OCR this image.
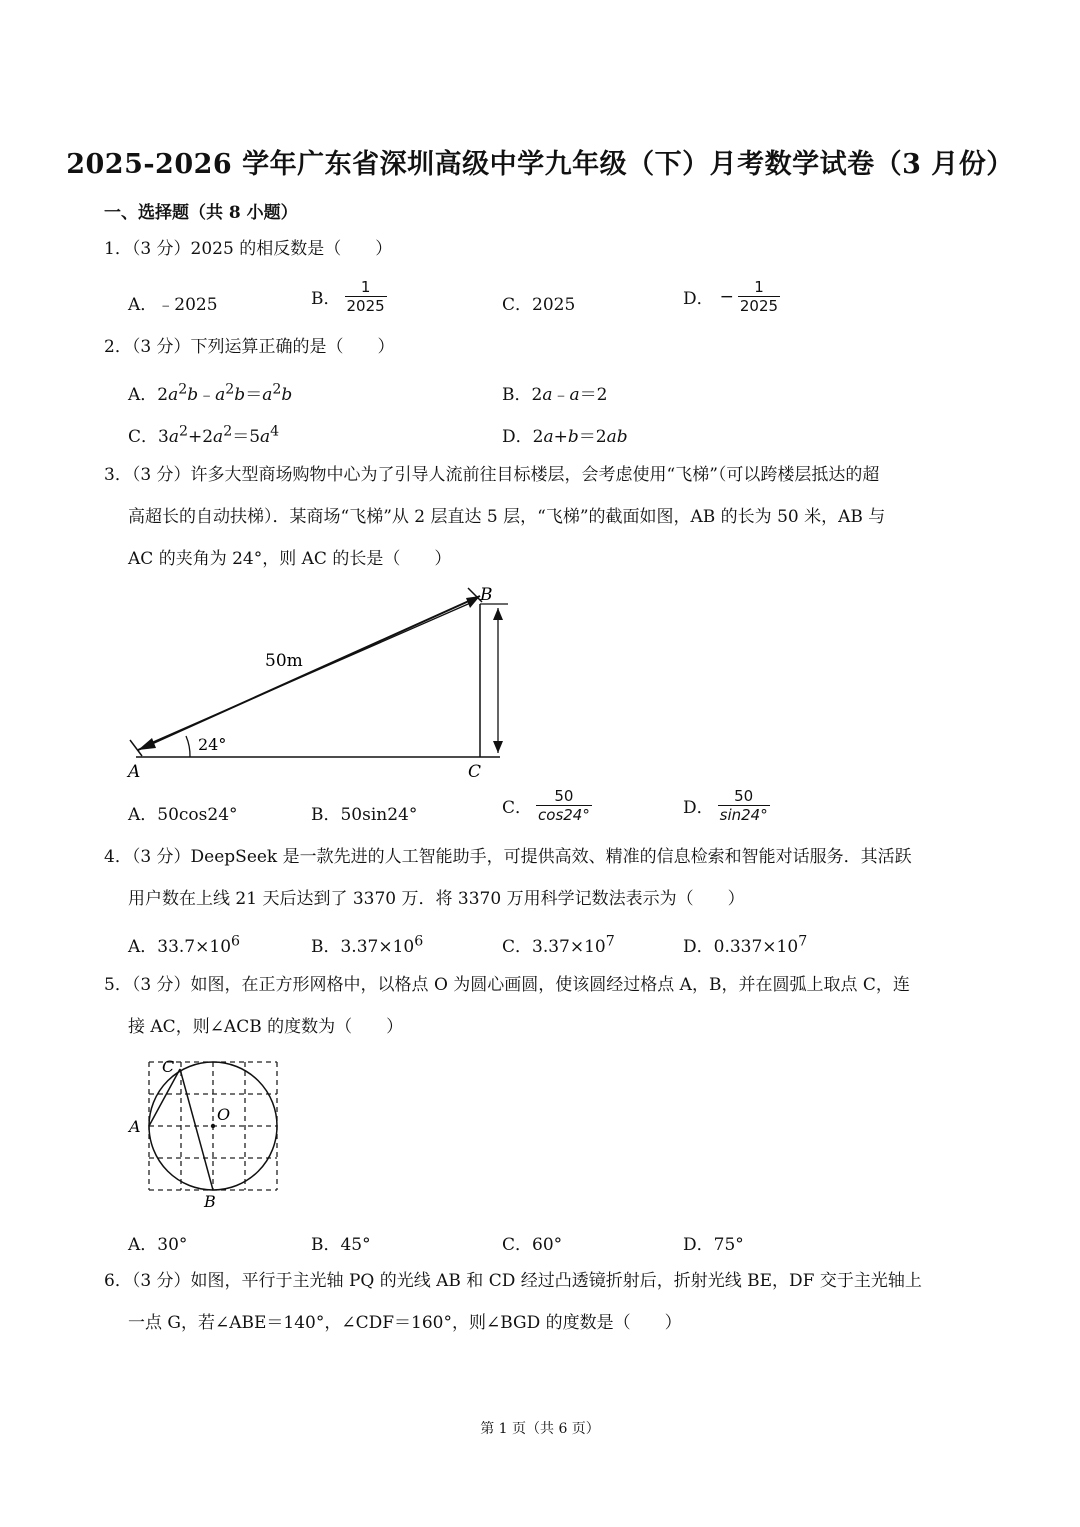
2025-2026 学年广东省深圳高级中学九年级（下）月考数学试卷（3 月份）
一、选择题（共 8 小题）
1．（3 分）2025 的相反数是（　　）
A．﹣2025	B． $\frac{1}{2025}$	C．2025	D． − $\frac{1}{2025}$
2．（3 分）下列运算正确的是（　　）
A．$2a^2b﹣a^2b=a^2b$	B．2a﹣a＝2
C．$3a^2+2a^2=5a^4$	D．2a+b＝2ab
3．（3 分）许多大型商场购物中心为了引导人流前往目标楼层，会考虑使用“飞梯”（可以跨楼层抵达的超
高超长的自动扶梯）．某商场“飞梯”从 2 层直达 5 层，“飞梯”的截面如图，AB 的长为 50 米，AB 与
AC 的夹角为 24°，则 AC 的长是（　　）
50m
24°
A
B
C
A．50cos24°	B．50sin24°	C． $\frac{50}{\cos 24^\circ}$	D． $\frac{50}{\sin 24^\circ}$
4．（3 分）DeepSeek 是一款先进的人工智能助手，可提供高效、精准的信息检索和智能对话服务．其活跃
用户数在上线 21 天后达到了 3370 万．将 3370 万用科学记数法表示为（　　）
A．$33.7\times 10^6$	B．$3.37\times 10^6$	C．$3.37\times 10^7$	D．$0.337\times 10^7$
5．（3 分）如图，在正方形网格中，以格点 O 为圆心画圆，使该圆经过格点 A，B，并在圆弧上取点 C，连
接 AC，则∠ACB 的度数为（　　）
C
A
O
B
A．30°	B．45°	C．60°	D．75°
6．（3 分）如图，平行于主光轴 PQ 的光线 AB 和 CD 经过凸透镜折射后，折射光线 BE，DF 交于主光轴上
一点 G，若∠ABE＝140°，∠CDF＝160°，则∠BGD 的度数是（　　）
第 1 页（共 6 页）
